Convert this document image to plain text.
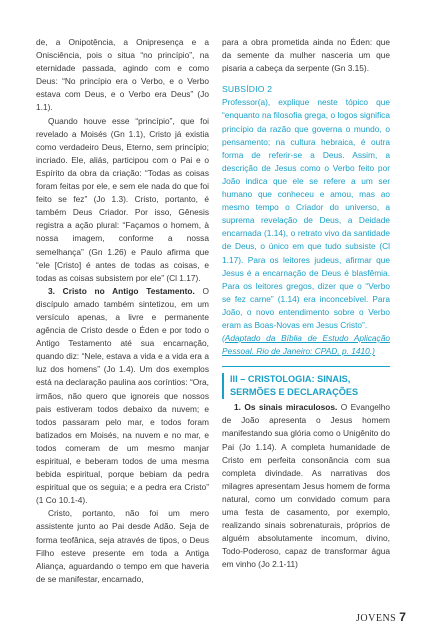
de, a Onipotência, a Onipresença e a Onisciência, pois o situa “no princípio”, na eternidade passada, agindo com e como Deus: “No princípio era o Verbo, e o Verbo estava com Deus, e o Verbo era Deus” (Jo 1.1).

Quando houve esse “princípio”, que foi revelado a Moisés (Gn 1.1), Cristo já existia como verdadeiro Deus, Eterno, sem princípio; incriado. Ele, aliás, participou com o Pai e o Espírito da obra da criação: “Todas as coisas foram feitas por ele, e sem ele nada do que foi feito se fez” (Jo 1.3). Cristo, portanto, é também Deus Criador. Por isso, Gênesis registra a ação plural: “Façamos o homem, à nossa imagem, conforme a nossa semelhança” (Gn 1.26) e Paulo afirma que “ele [Cristo] é antes de todas as coisas, e todas as coisas subsistem por ele” (Cl 1.17).

3. Cristo no Antigo Testamento. O discípulo amado também sintetizou, em um versículo apenas, a livre e permanente agência de Cristo desde o Éden e por todo o Antigo Testamento até sua encarnação, quando diz: “Nele, estava a vida e a vida era a luz dos homens” (Jo 1.4). Um dos exemplos está na declaração paulina aos coríntios: “Ora, irmãos, não quero que ignoreis que nossos pais estiveram todos debaixo da nuvem; e todos passaram pelo mar, e todos foram batizados em Moisés, na nuvem e no mar, e todos comeram de um mesmo manjar espiritual, e beberam todos de uma mesma bebida espiritual, porque bebiam da pedra espiritual que os seguia; e a pedra era Cristo” (1 Co 10.1-4).

Cristo, portanto, não foi um mero assistente junto ao Pai desde Adão. Seja de forma teofânica, seja através de tipos, o Deus Filho esteve presente em toda a Antiga Aliança, aguardando o tempo em que haveria de se manifestar, encarnado,

para a obra prometida ainda no Éden: que da semente da mulher nasceria um que pisaria a cabeça da serpente (Gn 3.15).

SUBSÍDIO 2

Professor(a), explique neste tópico que “enquanto na filosofia grega, o logos significa princípio da razão que governa o mundo, o pensamento; na cultura hebraica, é outra forma de referir-se a Deus. Assim, a descrição de Jesus como o Verbo feito por João indica que ele se refere a um ser humano que conheceu e amou, mas ao mesmo tempo o Criador do universo, a suprema revelação de Deus, a Deidade encarnada (1.14), o retrato vivo da santidade de Deus, o único em que tudo subsiste (Cl 1.17). Para os leitores judeus, afirmar que Jesus é a encarnação de Deus é blasfêmia. Para os leitores gregos, dizer que o “Verbo se fez carne” (1.14) era inconcebível. Para João, o novo entendimento sobre o Verbo eram as Boas-Novas em Jesus Cristo”.

(Adaptado da Bíblia de Estudo Aplicação Pessoal. Rio de Janeiro: CPAD, p. 1410.)

III – CRISTOLOGIA: SINAIS, SERMÕES E DECLARAÇÕES

1. Os sinais miraculosos. O Evangelho de João apresenta o Jesus homem manifestando sua glória como o Unigênito do Pai (Jo 1.14). A completa humanidade de Cristo em perfeita consonância com sua completa divindade. As narrativas dos milagres apresentam Jesus homem de forma natural, como um convidado comum para uma festa de casamento, por exemplo, realizando sinais sobrenaturais, próprios de alguém absolutamente incomum, divino, Todo-Poderoso, capaz de transformar água em vinho (Jo 2.1-11)

JOVENS 7
